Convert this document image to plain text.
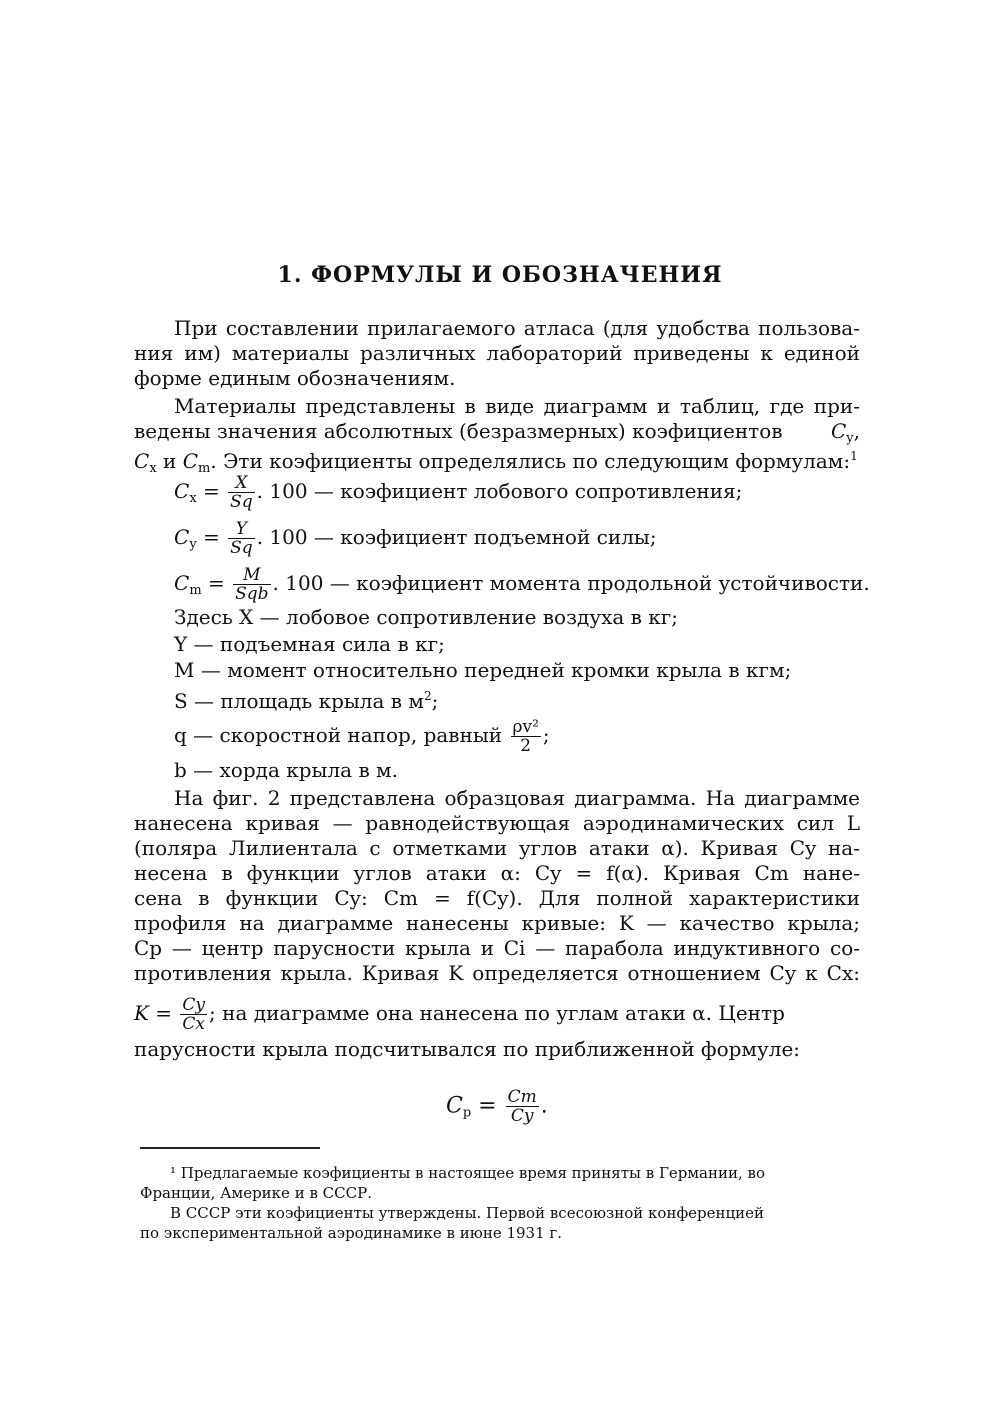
1. ФОРМУЛЫ И ОБОЗНАЧЕНИЯ
При составлении прилагаемого атласа (для удобства пользова-
ния им) материалы различных лабораторий приведены к единой
форме единым обозначениям.
Материалы представлены в виде диаграмм и таблиц, где при-
ведены значения абсолютных (безразмерных) коэфициентов $C_y$,
$C_x$ и $C_m$. Эти коэфициенты определялись по следующим формулам:$^1$
$C_x = \frac{X}{Sq}$ . 100 — коэфициент лобового сопротивления;
$C_y = \frac{Y}{Sq}$ . 100 — коэфициент подъемной силы;
$C_m = \frac{M}{\text{Sqb}}$ . 100 — коэфициент момента продольной устойчивости.
Здесь X — лобовое сопротивление воздуха в кг;
Y — подъемная сила в кг;
M — момент относительно передней кромки крыла в кгм;
S — площадь крыла в $м^2$;
q — скоростной напор, равный $\frac{\text{ρv²}}{2}$ ;
b — хорда крыла в м.
На фиг. 2 представлена образцовая диаграмма. На диаграмме
нанесена кривая — равнодействующая аэродинамических сил L
(поляра Лилиентала с отметками углов атаки α). Кривая Cy на-
несена в функции углов атаки α: Cy = f(α). Кривая Cm нане-
сена в функции Cy: Cm = f(Cy). Для полной характеристики
профиля на диаграмме нанесены кривые: K — качество крыла;
Cp — центр парусности крыла и Ci — парабола индуктивного со-
противления крыла. Кривая K определяется отношением Cy к Cx:
$K = \frac{Cy}{Cx}$ ; на диаграмме она нанесена по углам атаки α. Центр
парусности крыла подсчитывался по приближенной формуле:
$C_p = \frac{Cm}{Cy}$ .
¹ Предлагаемые коэфициенты в настоящее время приняты в Германии, во
Франции, Америке и в СССР.
В СССР эти коэфициенты утверждены. Первой всесоюзной конференцией
по экспериментальной аэродинамике в июне 1931 г.
